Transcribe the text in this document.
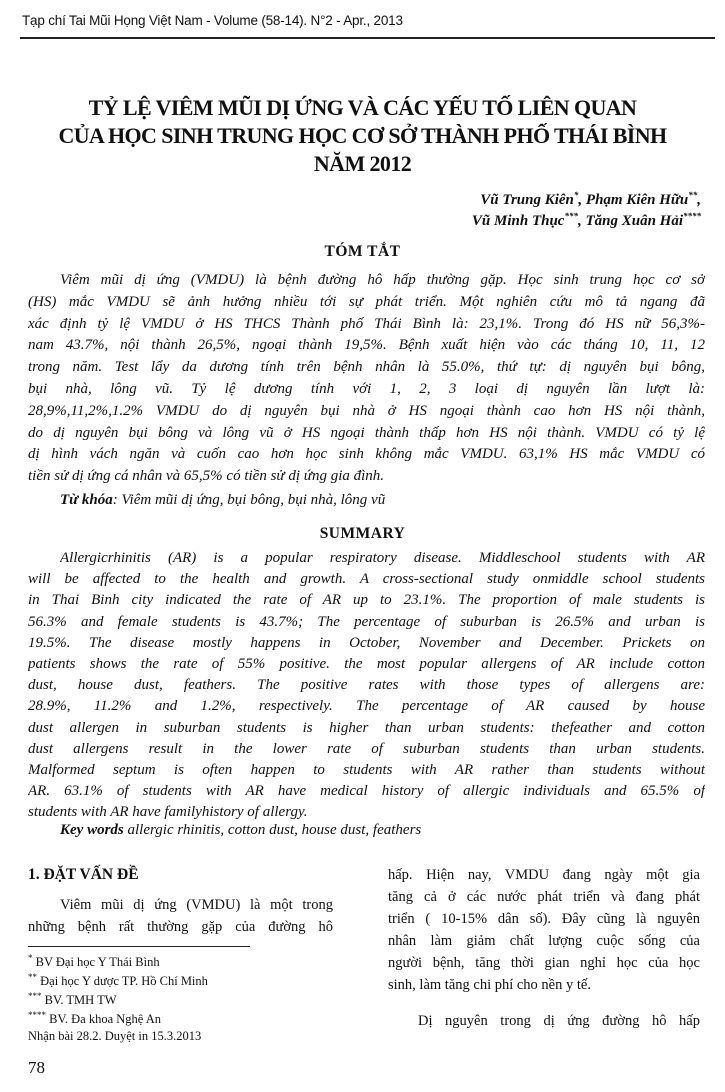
Tạp chí Tai Mũi Họng Việt Nam - Volume (58-14). N°2 - Apr., 2013
TỶ LỆ VIÊM MŨI DỊ ỨNG VÀ CÁC YẾU TỐ LIÊN QUAN
CỦA HỌC SINH TRUNG HỌC CƠ SỞ THÀNH PHỐ THÁI BÌNH
NĂM 2012
Vũ Trung Kiên*, Phạm Kiên Hữu**,
Vũ Minh Thục***, Tăng Xuân Hải****
TÓM TẮT
Viêm mũi dị ứng (VMDU) là bệnh đường hô hấp thường gặp. Học sinh trung học cơ sở
(HS) mắc VMDU sẽ ảnh hưởng nhiều tới sự phát triển. Một nghiên cứu mô tả ngang đã
xác định tỷ lệ VMDU ở HS THCS Thành phố Thái Bình là: 23,1%. Trong đó HS nữ 56,3%-
nam 43.7%, nội thành 26,5%, ngoại thành 19,5%. Bệnh xuất hiện vào các tháng 10, 11, 12
trong năm. Test lẩy da dương tính trên bệnh nhân là 55.0%, thứ tự: dị nguyên bụi bông,
bụi nhà, lông vũ. Tỷ lệ dương tính với 1, 2, 3 loại dị nguyên lần lượt là:
28,9%,11,2%,1.2% VMDU do dị nguyên bụi nhà ở HS ngoại thành cao hơn HS nội thành,
do dị nguyên bụi bông và lông vũ ở HS ngoại thành thấp hơn HS nội thành. VMDU có tỷ lệ
dị hình vách ngăn và cuốn cao hơn học sinh không mắc VMDU. 63,1% HS mắc VMDU có
tiền sử dị ứng cá nhân và 65,5% có tiền sử dị ứng gia đình.
Từ khóa: Viêm mũi dị ứng, bụi bông, bụi nhà, lông vũ
SUMMARY
Allergicrhinitis (AR) is a popular respiratory disease. Middleschool students with AR
will be affected to the health and growth. A cross-sectional study onmiddle school students
in Thai Binh city indicated the rate of AR up to 23.1%. The proportion of male students is
56.3% and female students is 43.7%; The percentage of suburban is 26.5% and urban is
19.5%. The disease mostly happens in October, November and December. Prickets on
patients shows the rate of 55% positive. the most popular allergens of AR include cotton
dust, house dust, feathers. The positive rates with those types of allergens are:
28.9%, 11.2% and 1.2%, respectively. The percentage of AR caused by house
dust allergen in suburban students is higher than urban students: thefeather and cotton
dust allergens result in the lower rate of suburban students than urban students.
Malformed septum is often happen to students with AR rather than students without
AR. 63.1% of students with AR have medical history of allergic individuals and 65.5% of
students with AR have familyhistory of allergy.
Key words allergic rhinitis, cotton dust, house dust, feathers
1. ĐẶT VẤN ĐỀ
Viêm mũi dị ứng (VMDU) là một trong
những bệnh rất thường gặp của đường hô
hấp. Hiện nay, VMDU đang ngày một gia
tăng cả ở các nước phát triển và đang phát
triển ( 10-15% dân số). Đây cũng là nguyên
nhân làm giảm chất lượng cuộc sống của
người bệnh, tăng thời gian nghỉ học của học
sinh, làm tăng chi phí cho nền y tế.
Dị nguyên trong dị ứng đường hô hấp
* BV Đại học Y Thái Bình
** Đại học Y dược TP. Hồ Chí Minh
*** BV. TMH TW
**** BV. Đa khoa Nghệ An
Nhận bài 28.2. Duyệt in 15.3.2013
78
